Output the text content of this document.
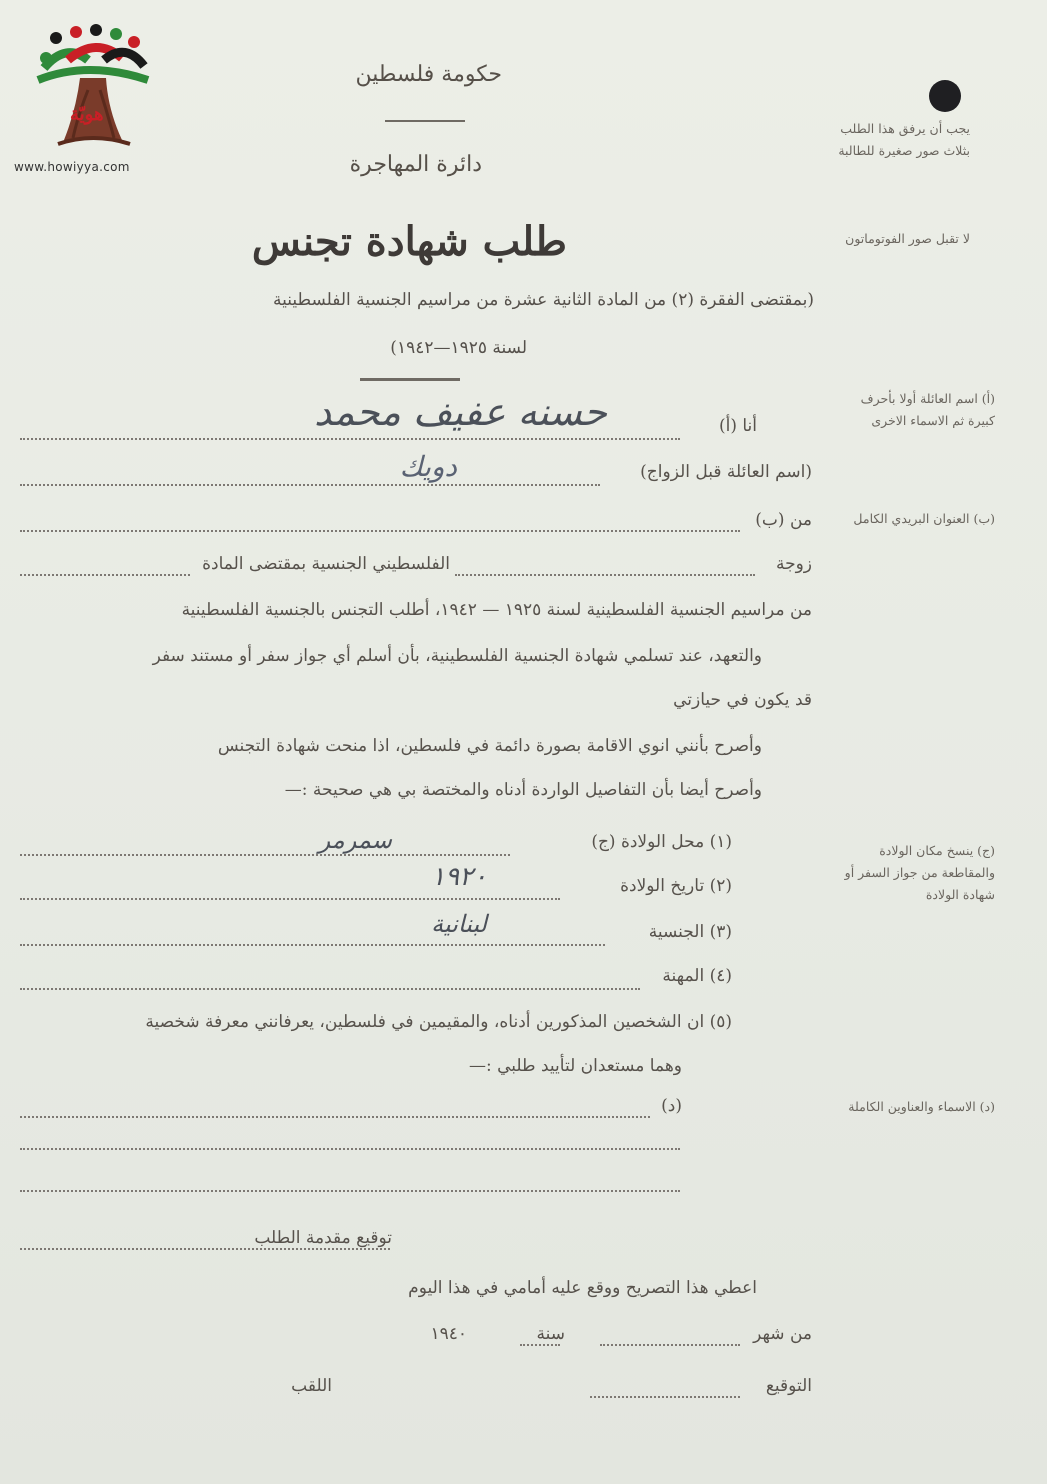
هويّة
www.howiyya.com
حكومة فلسطين
دائرة المهاجرة
طلب شهادة تجنس
(بمقتضى الفقرة (٢) من المادة الثانية عشرة من مراسيم الجنسية الفلسطينية
لسنة ١٩٢٥—١٩٤٢)
يجب أن يرفق هذا الطلب بثلاث صور صغيرة للطالبة
لا تقبل صور الفوتوماتون
(أ) اسم العائلة أولا بأحرف كبيرة ثم الاسماء الاخرى
(ب) العنوان البريدي الكامل
(ج) ينسخ مكان الولادة والمقاطعة من جواز السفر أو شهادة الولادة
(د) الاسماء والعناوين الكاملة
أنا (أ)
حسنه عفيف محمد
(اسم العائلة قبل الزواج)
دويك
من (ب)
زوجة
الفلسطيني الجنسية بمقتضى المادة
من مراسيم الجنسية الفلسطينية لسنة ١٩٢٥ — ١٩٤٢، أطلب التجنس بالجنسية الفلسطينية
والتعهد، عند تسلمي شهادة الجنسية الفلسطينية، بأن أسلم أي جواز سفر أو مستند سفر
قد يكون في حيازتي
وأصرح بأنني انوي الاقامة بصورة دائمة في فلسطين، اذا منحت شهادة التجنس
وأصرح أيضا بأن التفاصيل الواردة أدناه والمختصة بي هي صحيحة :—
(١) محل الولادة (ج)
سمرمر
(٢) تاريخ الولادة
١٩٢٠
(٣) الجنسية
لبنانية
(٤) المهنة
(٥) ان الشخصين المذكورين أدناه، والمقيمين في فلسطين، يعرفانني معرفة شخصية
وهما مستعدان لتأييد طلبي :—
(د)
توقيع مقدمة الطلب
اعطي هذا التصريح ووقع عليه أمامي في هذا اليوم
من شهر
سنة
١٩٤٠
التوقيع
اللقب
